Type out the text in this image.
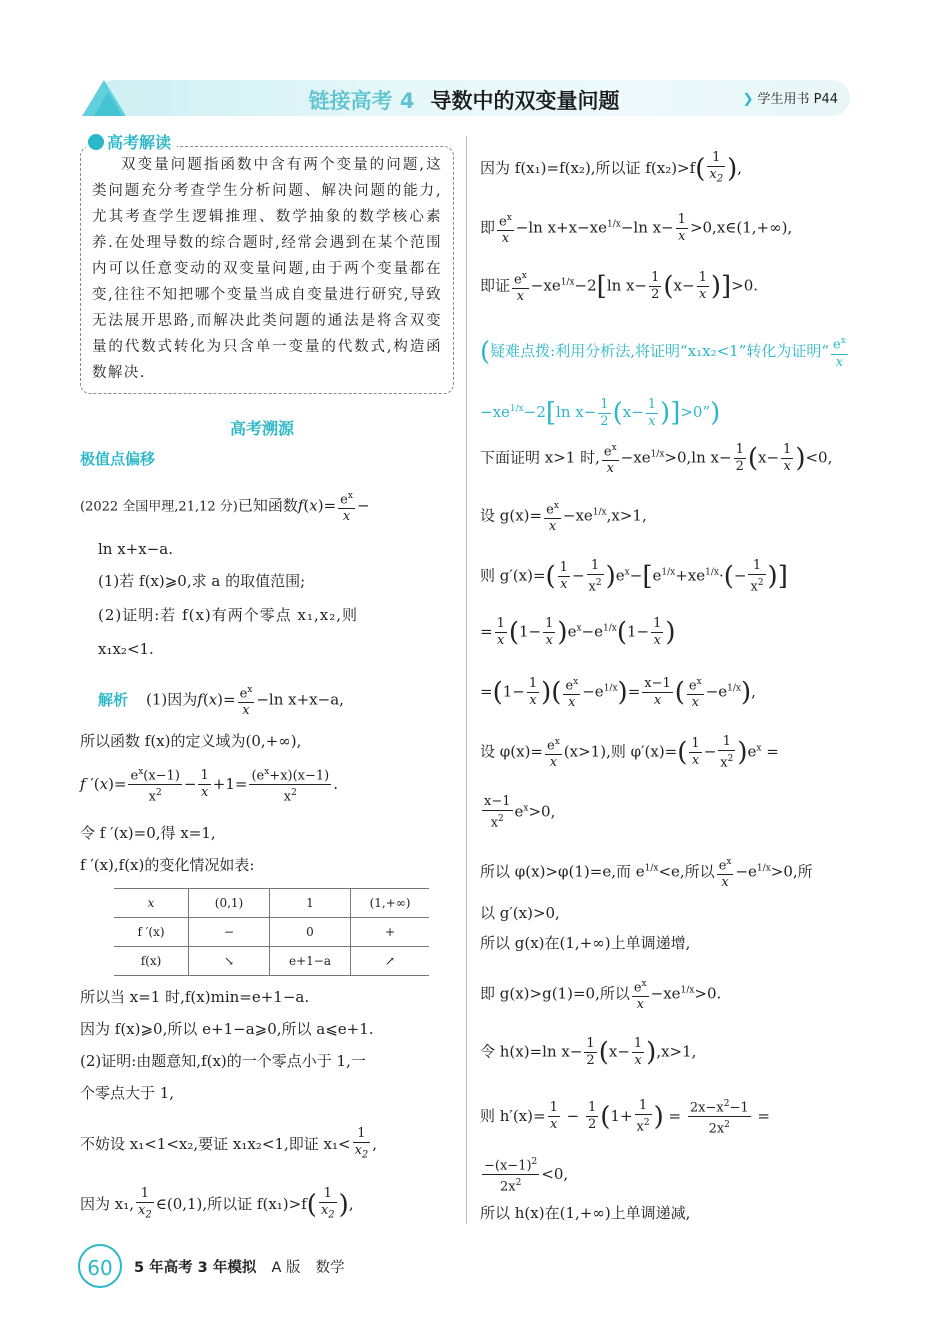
链接高考 4 导数中的双变量问题	❯ 学生用书 P44
高考解读
双变量问题指函数中含有两个变量的问题,这类问题充分考查学生分析问题、解决问题的能力,尤其考查学生逻辑推理、数学抽象的数学核心素养.在处理导数的综合题时,经常会遇到在某个范围内可以任意变动的双变量问题,由于两个变量都在变,往往不知把哪个变量当成自变量进行研究,导致无法展开思路,而解决此类问题的通法是将含双变量的代数式转化为只含单一变量的代数式,构造函数解决.
高考溯源
极值点偏移
(2022 全国甲理,21,12 分)已知函数$f(x)= \frac{e^x}{x}$ −
ln x+x−a.
(1)若 f(x)⩾0,求 a 的取值范围;
(2)证明:若 f(x)有两个零点 x₁,x₂,则
x₁x₂<1.
解析 (1)因为$f(x)= \frac{e^x}{x} -\ln$ x+x−a,
所以函数 f(x)的定义域为(0,+∞),
f $'(x)= \frac{e^x(x-1)}{x^2} - \frac{1}{x} +1= \frac{(e^x+x)(x-1)}{x^2}$ .
令 f ′(x)=0,得 x=1,
f ′(x),f(x)的变化情况如表:
x	(0,1)	1	(1,+∞)
f ′(x)	−	0	+
f(x)	↘	e+1−a	↗
所以当 x=1 时,f(x)min=e+1−a.
因为 f(x)⩾0,所以 e+1−a⩾0,所以 a⩽e+1.
(2)证明:由题意知,f(x)的一个零点小于 1,一
个零点大于 1,
不妨设 x₁<1<x₂,要证 x₁x₂<1,即证 $x_1< \frac{1}{x_2}$ ,
因为 x₁, $\frac{1}{x_2}$ ∈(0,1),所以证 $f(x_1)>f( \frac{1}{x_2}$ ),
因为 f(x₁)=f(x₂),所以证 $f(x_2)>f( \frac{1}{x_2}$ ),
即 $\frac{e^x}{x} -\ln$ $x+x-xe^{1/x}-\ln$ $x- \frac{1}{x}$ >0,x∈(1,+∞),
即证 $\frac{e^x}{x} -xe^{1/x}-2[\ln$ $x- \frac{1}{2} (x- \frac{1}{x} )]>0$.
(疑难点拨:利用分析法,将证明“x₁x₂<1”转化为证明“ $\frac{e^x}{x}$
$-xe^{1/x}-2[\ln$ $x- \frac{1}{2} (x- \frac{1}{x}$ )]>0”)
下面证明 x>1 时, $\frac{e^x}{x} -xe^{1/x}>0,\ln$ $x- \frac{1}{2} (x- \frac{1}{x} )<0$,
设 $g(x)= \frac{e^x}{x} -xe^{1/x},x>1$,
则 $g'(x)=( \frac{1}{x} - \frac{1}{x^2} )e^x-[e^{1/x}+xe^{1/x}\cdot(- \frac{1}{x^2}$ )]
= $\frac{1}{x} (1- \frac{1}{x} )e^x-e^{1/x}(1- \frac{1}{x}$ )
$=(1- \frac{1}{x}$ )( $\frac{e^x}{x} -e^{1/x})= \frac{x-1}{x}$ ( $\frac{e^x}{x} -e^{1/x}$),
设 $\varphi(x)= \frac{e^x}{x} (x>1)$,则 $\varphi'(x)=( \frac{1}{x} - \frac{1}{x^2} )e^x$ =
$\frac{x-1}{x^2} e^x>0$,
所以 φ(x)>φ(1)=e,而 $e^{1/x}<e$,所以 $\frac{e^x}{x} -e^{1/x}>0$,所
以 g′(x)>0,
所以 g(x)在(1,+∞)上单调递增,
即 g(x)>g(1)=0,所以 $\frac{e^x}{x} -xe^{1/x}>0$.
令 h(x)=ln $x- \frac{1}{2} (x- \frac{1}{x} ),x>1$,
则 $h'(x)= \frac{1}{x} - \frac{1}{2} (1+ \frac{1}{x^2}$ ) = $\frac{2x-x^2-1}{2x^2}$ =
$\frac{-(x-1)^2}{2x^2} <0$,
所以 h(x)在(1,+∞)上单调递减,
60	5 年高考 3 年模拟 A 版 数学
